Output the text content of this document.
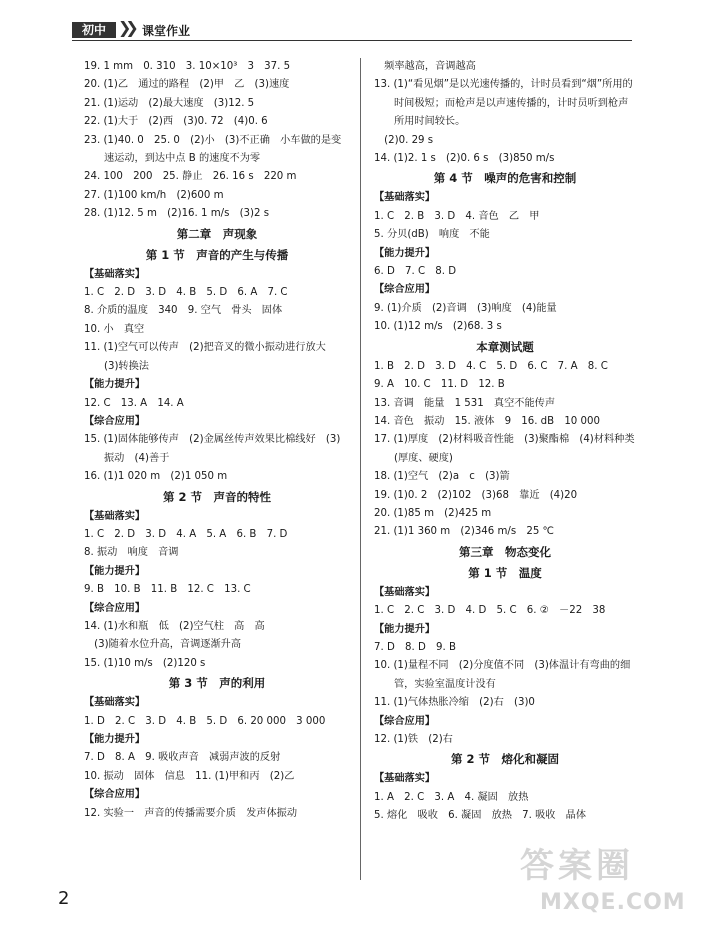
初中 ❯❯ 课堂作业
19. 1 mm　0. 310　3. 10×10³　3　37. 5
20. (1)乙　通过的路程　(2)甲　乙　(3)速度
21. (1)运动　(2)最大速度　(3)12. 5
22. (1)大于　(2)西　(3)0. 72　(4)0. 6
23. (1)40. 0　25. 0　(2)小　(3)不正确　小车做的是变速运动，到达中点 B 的速度不为零
24. 100　200　25. 静止　26. 16 s　220 m
27. (1)100 km/h　(2)600 m
28. (1)12. 5 m　(2)16. 1 m/s　(3)2 s
第二章　声现象
第 1 节　声音的产生与传播
【基础落实】
1. C　2. D　3. D　4. B　5. D　6. A　7. C
8. 介质的温度　340　9. 空气　骨头　固体
10. 小　真空
11. (1)空气可以传声　(2)把音叉的微小振动进行放大　(3)转换法
【能力提升】
12. C　13. A　14. A
【综合应用】
15. (1)固体能够传声　(2)金属丝传声效果比棉线好　(3)振动　(4)善于
16. (1)1 020 m　(2)1 050 m
第 2 节　声音的特性
【基础落实】
1. C　2. D　3. D　4. A　5. A　6. B　7. D
8. 振动　响度　音调
【能力提升】
9. B　10. B　11. B　12. C　13. C
【综合应用】
14. (1)水和瓶　低　(2)空气柱　高　高
　(3)随着水位升高，音调逐渐升高
15. (1)10 m/s　(2)120 s
第 3 节　声的利用
【基础落实】
1. D　2. C　3. D　4. B　5. D　6. 20 000　3 000
【能力提升】
7. D　8. A　9. 吸收声音　减弱声波的反射
10. 振动　固体　信息　11. (1)甲和丙　(2)乙
【综合应用】
12. 实验一　声音的传播需要介质　发声体振动
　频率越高，音调越高
13. (1)“看见烟”是以光速传播的，计时员看到“烟”所用的时间极短；而枪声是以声速传播的，计时员听到枪声所用时间较长。
　(2)0. 29 s
14. (1)2. 1 s　(2)0. 6 s　(3)850 m/s
第 4 节　噪声的危害和控制
【基础落实】
1. C　2. B　3. D　4. 音色　乙　甲
5. 分贝(dB)　响度　不能
【能力提升】
6. D　7. C　8. D
【综合应用】
9. (1)介质　(2)音调　(3)响度　(4)能量
10. (1)12 m/s　(2)68. 3 s
本章测试题
1. B　2. D　3. D　4. C　5. D　6. C　7. A　8. C
9. A　10. C　11. D　12. B
13. 音调　能量　1 531　真空不能传声
14. 音色　振动　15. 液体　9　16. dB　10 000
17. (1)厚度　(2)材料吸音性能　(3)聚酯棉　(4)材料种类(厚度、硬度)
18. (1)空气　(2)a　c　(3)箭
19. (1)0. 2　(2)102　(3)68　靠近　(4)20
20. (1)85 m　(2)425 m
21. (1)1 360 m　(2)346 m/s　25 ℃
第三章　物态变化
第 1 节　温度
【基础落实】
1. C　2. C　3. D　4. D　5. C　6. ②　－22　38
【能力提升】
7. D　8. D　9. B
10. (1)量程不同　(2)分度值不同　(3)体温计有弯曲的细管，实验室温度计没有
11. (1)气体热胀冷缩　(2)右　(3)0
【综合应用】
12. (1)铁　(2)右
第 2 节　熔化和凝固
【基础落实】
1. A　2. C　3. A　4. 凝固　放热
5. 熔化　吸收　6. 凝固　放热　7. 吸收　晶体
2
答案圈
MXQE.COM
